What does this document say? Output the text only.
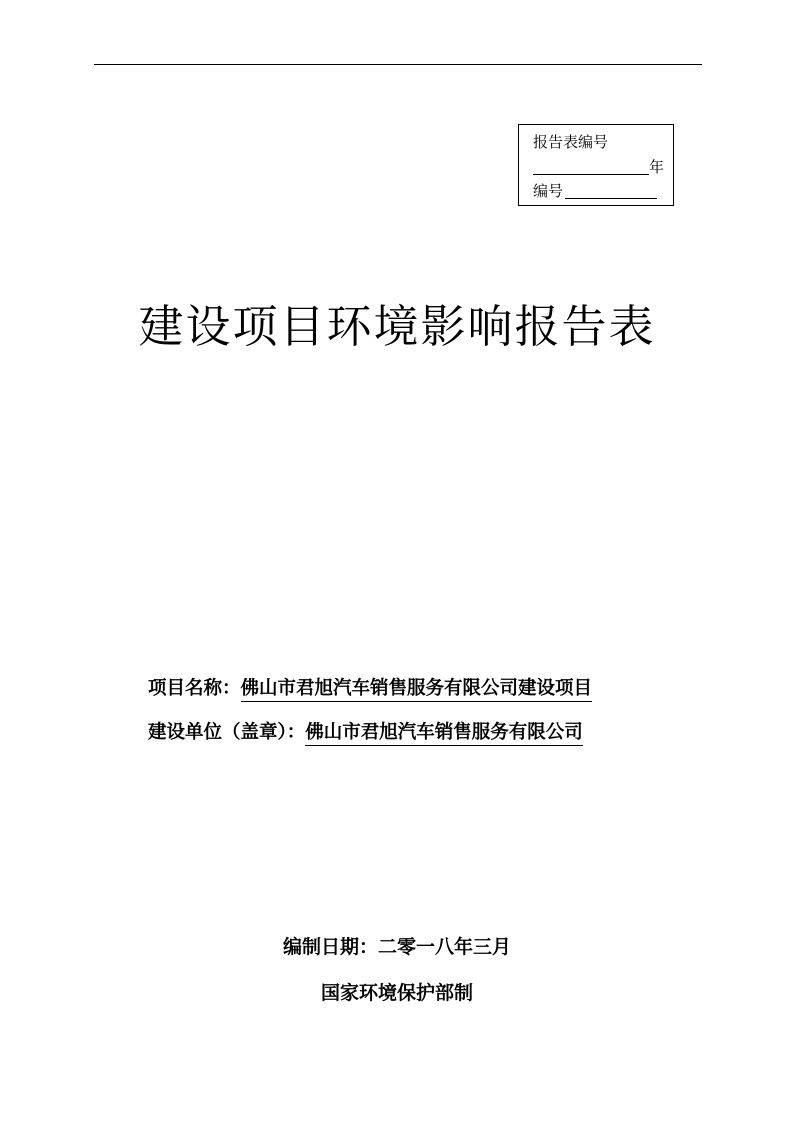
报告表编号
年
编号
建设项目环境影响报告表
项目名称：佛山市君旭汽车销售服务有限公司建设项目
建设单位（盖章）：佛山市君旭汽车销售服务有限公司
编制日期：二零一八年三月
国家环境保护部制
